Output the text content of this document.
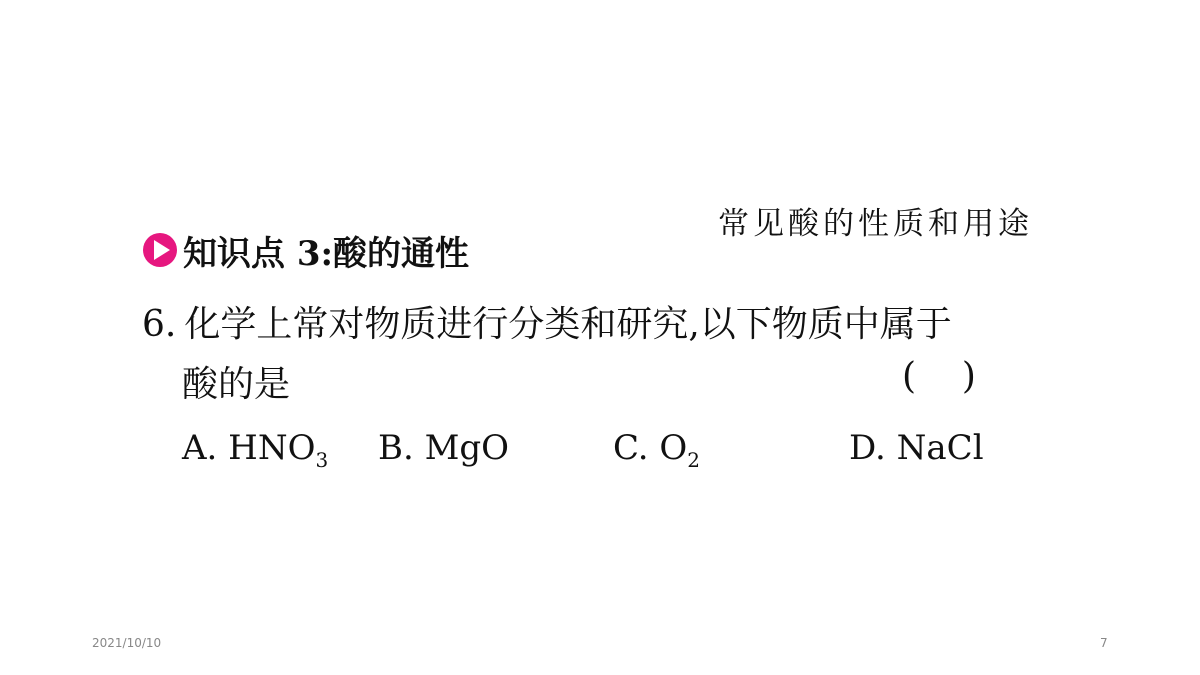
常见酸的性质和用途
知识点 3:酸的通性
6. 化学上常对物质进行分类和研究,以下物质中属于
酸的是	(    )
A. $HNO_3$ B. MgO	C. $O_2$	D. NaCl
2021/10/10	7
